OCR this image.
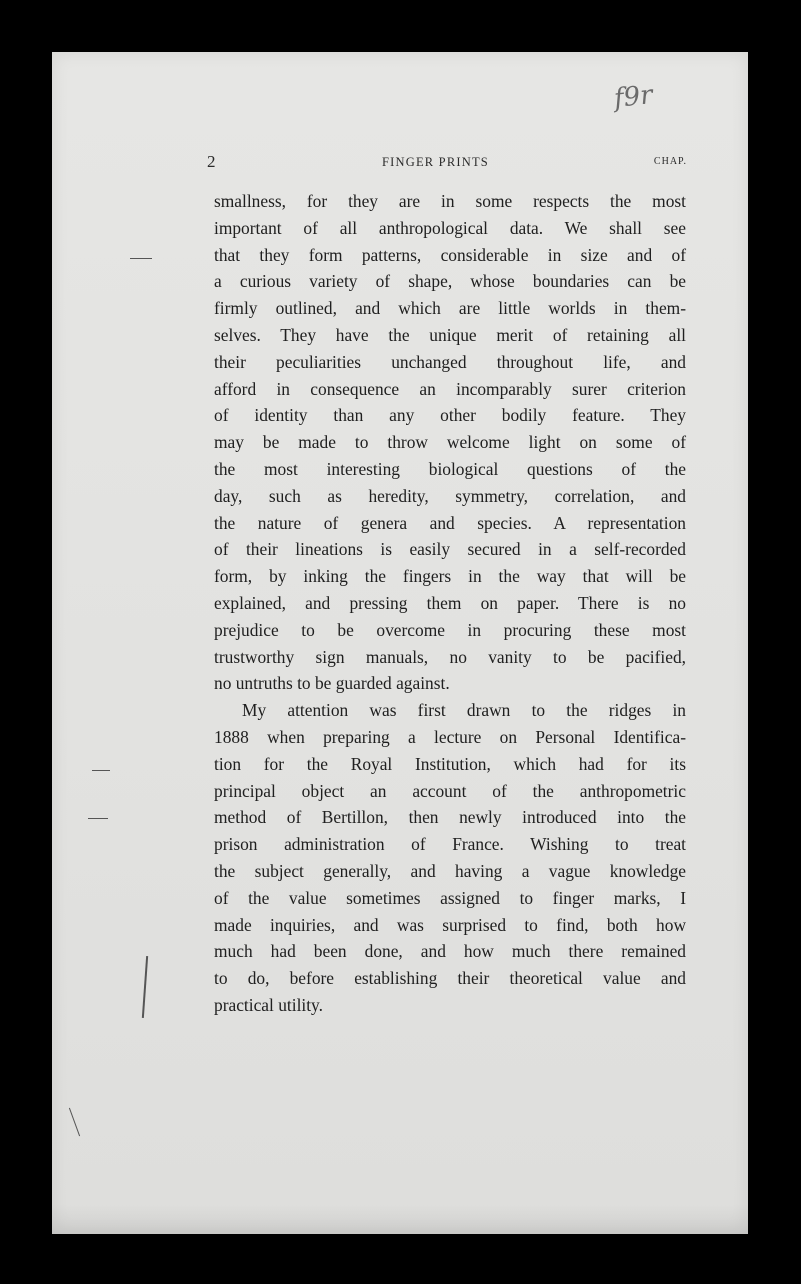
f9r
2	FINGER PRINTS	CHAP.
smallness, for they are in some respects the most
important of all anthropological data. We shall see
that they form patterns, considerable in size and of
a curious variety of shape, whose boundaries can be
firmly outlined, and which are little worlds in them-
selves. They have the unique merit of retaining all
their peculiarities unchanged throughout life, and
afford in consequence an incomparably surer criterion
of identity than any other bodily feature. They
may be made to throw welcome light on some of
the most interesting biological questions of the
day, such as heredity, symmetry, correlation, and
the nature of genera and species. A representation
of their lineations is easily secured in a self-recorded
form, by inking the fingers in the way that will be
explained, and pressing them on paper. There is no
prejudice to be overcome in procuring these most
trustworthy sign manuals, no vanity to be pacified,
no untruths to be guarded against.
My attention was first drawn to the ridges in
1888 when preparing a lecture on Personal Identifica-
tion for the Royal Institution, which had for its
principal object an account of the anthropometric
method of Bertillon, then newly introduced into the
prison administration of France. Wishing to treat
the subject generally, and having a vague knowledge
of the value sometimes assigned to finger marks, I
made inquiries, and was surprised to find, both how
much had been done, and how much there remained
to do, before establishing their theoretical value and
practical utility.
